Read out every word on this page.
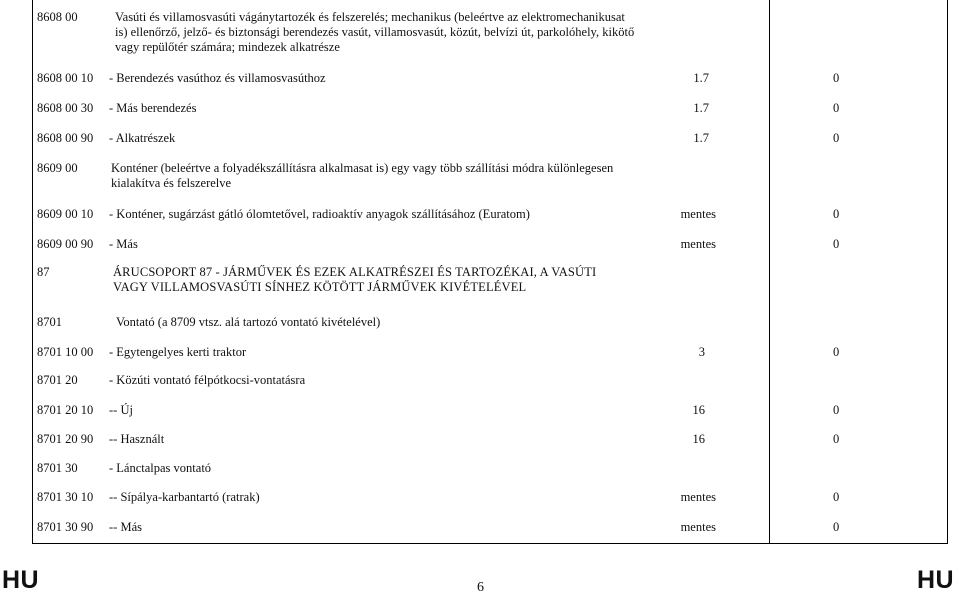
8608 00	Vasúti és villamosvasúti vágánytartozék és felszerelés; mechanikus (beleértve az elektromechanikusat is) ellenőrző, jelző- és biztonsági berendezés vasút, villamosvasút, közút, belvízi út, parkolóhely, kikötő vagy repülőtér számára; mindezek alkatrésze
8608 00 10 - Berendezés vasúthoz és villamosvasúthoz	1.7	0
8608 00 30 - Más berendezés	1.7	0
8608 00 90 - Alkatrészek	1.7	0
8609 00	Konténer (beleértve a folyadékszállításra alkalmasat is) egy vagy több szállítási módra különlegesen kialakítva és felszerelve
8609 00 10 - Konténer, sugárzást gátló ólomtetővel, radioaktív anyagok szállításához (Euratom)	mentes	0
8609 00 90 - Más	mentes	0
87	ÁRUCSOPORT 87 - JÁRMŰVEK ÉS EZEK ALKATRÉSZEI ÉS TARTOZÉKAI, A VASÚTI VAGY VILLAMOSVASÚTI SÍNHEZ KÖTÖTT JÁRMŰVEK KIVÉTELÉVEL
8701	Vontató (a 8709 vtsz. alá tartozó vontató kivételével)
8701 10 00 - Egytengelyes kerti traktor	3	0
8701 20	- Közúti vontató félpótkocsi-vontatásra
8701 20 10 -- Új	16	0
8701 20 90 -- Használt	16	0
8701 30	- Lánctalpas vontató
8701 30 10 -- Sípálya-karbantartó (ratrak)	mentes	0
8701 30 90 -- Más	mentes	0
HU	6	HU
